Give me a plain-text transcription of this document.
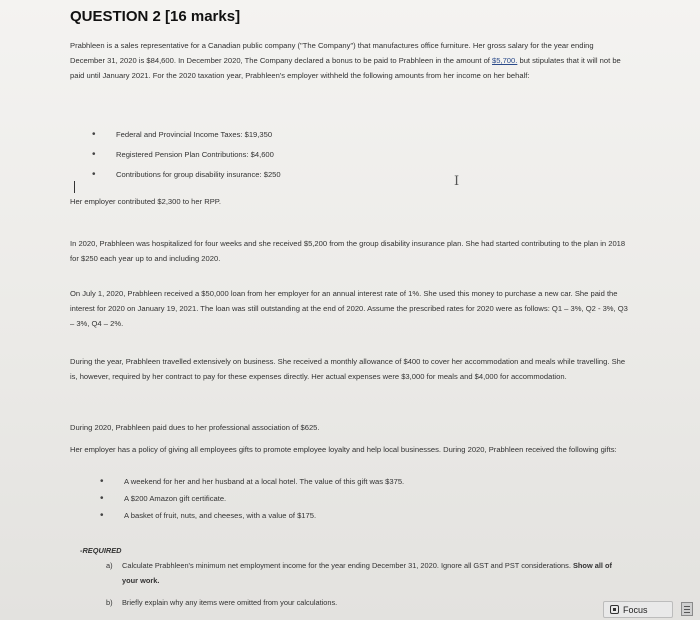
QUESTION 2 [16 marks]
Prabhleen is a sales representative for a Canadian public company ("The Company") that manufactures office furniture. Her gross salary for the year ending December 31, 2020 is $84,600. In December 2020, The Company declared a bonus to be paid to Prabhleen in the amount of $5,700. but stipulates that it will not be paid until January 2021. For the 2020 taxation year, Prabhleen's employer withheld the following amounts from her income on her behalf:
• Federal and Provincial Income Taxes: $19,350
• Registered Pension Plan Contributions: $4,600
• Contributions for group disability insurance: $250	I
Her employer contributed $2,300 to her RPP.
In 2020, Prabhleen was hospitalized for four weeks and she received $5,200 from the group disability insurance plan. She had started contributing to the plan in 2018 for $250 each year up to and including 2020.
On July 1, 2020, Prabhleen received a $50,000 loan from her employer for an annual interest rate of 1%. She used this money to purchase a new car. She paid the interest for 2020 on January 19, 2021. The loan was still outstanding at the end of 2020. Assume the prescribed rates for 2020 were as follows: Q1 – 3%, Q2 - 3%, Q3 – 3%, Q4 – 2%.
During the year, Prabhleen travelled extensively on business. She received a monthly allowance of $400 to cover her accommodation and meals while travelling. She is, however, required by her contract to pay for these expenses directly. Her actual expenses were $3,000 for meals and $4,000 for accommodation.
During 2020, Prabhleen paid dues to her professional association of $625.
Her employer has a policy of giving all employees gifts to promote employee loyalty and help local businesses. During 2020, Prabhleen received the following gifts:
• A weekend for her and her husband at a local hotel. The value of this gift was $375.
• A $200 Amazon gift certificate.
• A basket of fruit, nuts, and cheeses, with a value of $175.
-REQUIRED
a) Calculate Prabhleen's minimum net employment income for the year ending December 31, 2020. Ignore all GST and PST considerations. Show all of your work.
b) Briefly explain why any items were omitted from your calculations.
Focus
